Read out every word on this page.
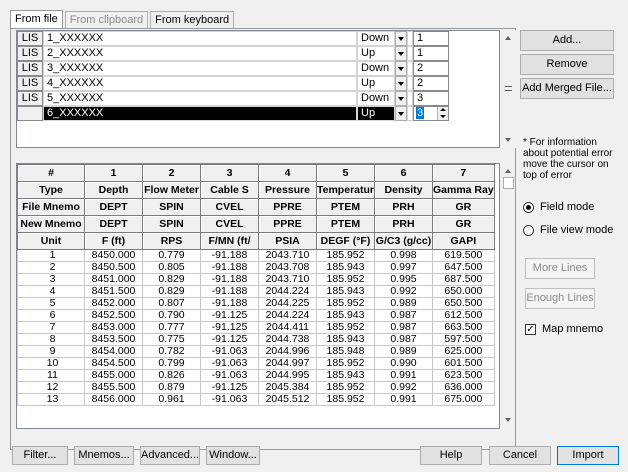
From file	From clipboard	From keyboard
LIS 1_XXXXXX	Down	1
LIS 2_XXXXXX	Up	1
LIS 3_XXXXXX	Down	2
LIS 4_XXXXXX	Up	2
LIS 5_XXXXXX	Down	3
6_XXXXXX	Up	3
Add...
Remove
Add Merged File...
* For information about potential error move the cursor on top of error
Field mode
File view mode
More Lines
Enough Lines
✓ Map mnemo
#	1	2	3	4	5	6	7
Type	Depth	Flow Meter	Cable S	Pressure	Temperatur	Density	Gamma Ray
File Mnemo	DEPT	SPIN	CVEL	PPRE	PTEM	PRH	GR
New Mnemo	DEPT	SPIN	CVEL	PPRE	PTEM	PRH	GR
Unit	F (ft)	RPS	F/MN (ft/	PSIA	DEGF (°F)	G/C3 (g/cc)	GAPI
1	8450.000	0.779	-91.188	2043.710	185.952	0.998	619.500
2	8450.500	0.805	-91.188	2043.708	185.943	0.997	647.500
3	8451.000	0.829	-91.188	2043.710	185.952	0.995	687.500
4	8451.500	0.829	-91.188	2044.224	185.943	0.992	650.000
5	8452.000	0.807	-91.188	2044.225	185.952	0.989	650.500
6	8452.500	0.790	-91.125	2044.224	185.943	0.987	612.500
7	8453.000	0.777	-91.125	2044.411	185.952	0.987	663.500
8	8453.500	0.775	-91.125	2044.738	185.943	0.987	597.500
9	8454.000	0.782	-91.063	2044.996	185.948	0.989	625.000
10	8454.500	0.799	-91.063	2044.997	185.952	0.990	601.500
11	8455.000	0.826	-91.063	2044.995	185.943	0.991	623.500
12	8455.500	0.879	-91.125	2045.384	185.952	0.992	636.000
13	8456.000	0.961	-91.063	2045.512	185.952	0.991	675.000
Filter...	Mnemos...	Advanced... Window...	Help	Cancel	Import
